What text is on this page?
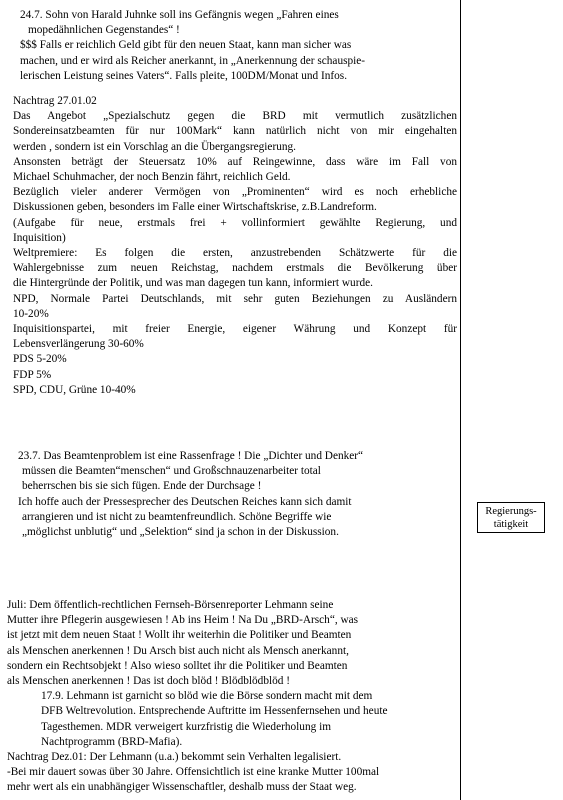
24.7. Sohn von Harald Juhnke soll ins Gefängnis wegen „Fahren eines
mopedähnlichen Gegenstandes“ !
$$$ Falls er reichlich Geld gibt für den neuen Staat, kann man sicher was
machen, und er wird als Reicher anerkannt, in „Anerkennung der schauspie-
lerischen Leistung seines Vaters“. Falls pleite, 100DM/Monat und Infos.
Nachtrag 27.01.02
Das Angebot „Spezialschutz gegen die BRD mit vermutlich zusätzlichen
Sondereinsatzbeamten für nur 100Mark“ kann natürlich nicht von mir eingehalten
werden , sondern ist ein Vorschlag an die Übergangsregierung.
Ansonsten beträgt der Steuersatz 10% auf Reingewinne, dass wäre im Fall von
Michael Schuhmacher, der noch Benzin fährt, reichlich Geld.
Bezüglich vieler anderer Vermögen von „Prominenten“ wird es noch erhebliche
Diskussionen geben, besonders im Falle einer Wirtschaftskrise, z.B.Landreform.
(Aufgabe für neue, erstmals frei + vollinformiert gewählte Regierung, und
Inquisition)
Weltpremiere: Es folgen die ersten, anzustrebenden Schätzwerte für die
Wahlergebnisse zum neuen Reichstag, nachdem erstmals die Bevölkerung über
die Hintergründe der Politik, und was man dagegen tun kann, informiert wurde.
NPD, Normale Partei Deutschlands, mit sehr guten Beziehungen zu Ausländern
10-20%
Inquisitionspartei, mit freier Energie, eigener Währung und Konzept für
Lebensverlängerung 30-60%
PDS 5-20%
FDP 5%
SPD, CDU, Grüne 10-40%
23.7. Das Beamtenproblem ist eine Rassenfrage ! Die „Dichter und Denker“
müssen die Beamten“menschen“ und Großschnauzenarbeiter total
beherrschen bis sie sich fügen. Ende der Durchsage !
Ich hoffe auch der Pressesprecher des Deutschen Reiches kann sich damit
arrangieren und ist nicht zu beamtenfreundlich. Schöne Begriffe wie
„möglichst unblutig“ und „Selektion“ sind ja schon in der Diskussion.
Regierungs-
tätigkeit
Juli: Dem öffentlich-rechtlichen Fernseh-Börsenreporter Lehmann seine
Mutter ihre Pflegerin ausgewiesen ! Ab ins Heim ! Na Du „BRD-Arsch“, was
ist jetzt mit dem neuen Staat ! Wollt ihr weiterhin die Politiker und Beamten
als Menschen anerkennen ! Du Arsch bist auch nicht als Mensch anerkannt,
sondern ein Rechtsobjekt ! Also wieso solltet ihr die Politiker und Beamten
als Menschen anerkennen ! Das ist doch blöd ! Blödblödblöd !
17.9. Lehmann ist garnicht so blöd wie die Börse sondern macht mit dem
DFB Weltrevolution. Entsprechende Auftritte im Hessenfernsehen und heute
Tagesthemen. MDR verweigert kurzfristig die Wiederholung im
Nachtprogramm (BRD-Mafia).
Nachtrag Dez.01: Der Lehmann (u.a.) bekommt sein Verhalten legalisiert.
-Bei mir dauert sowas über 30 Jahre. Offensichtlich ist eine kranke Mutter 100mal
mehr wert als ein unabhängiger Wissenschaftler, deshalb muss der Staat weg.
